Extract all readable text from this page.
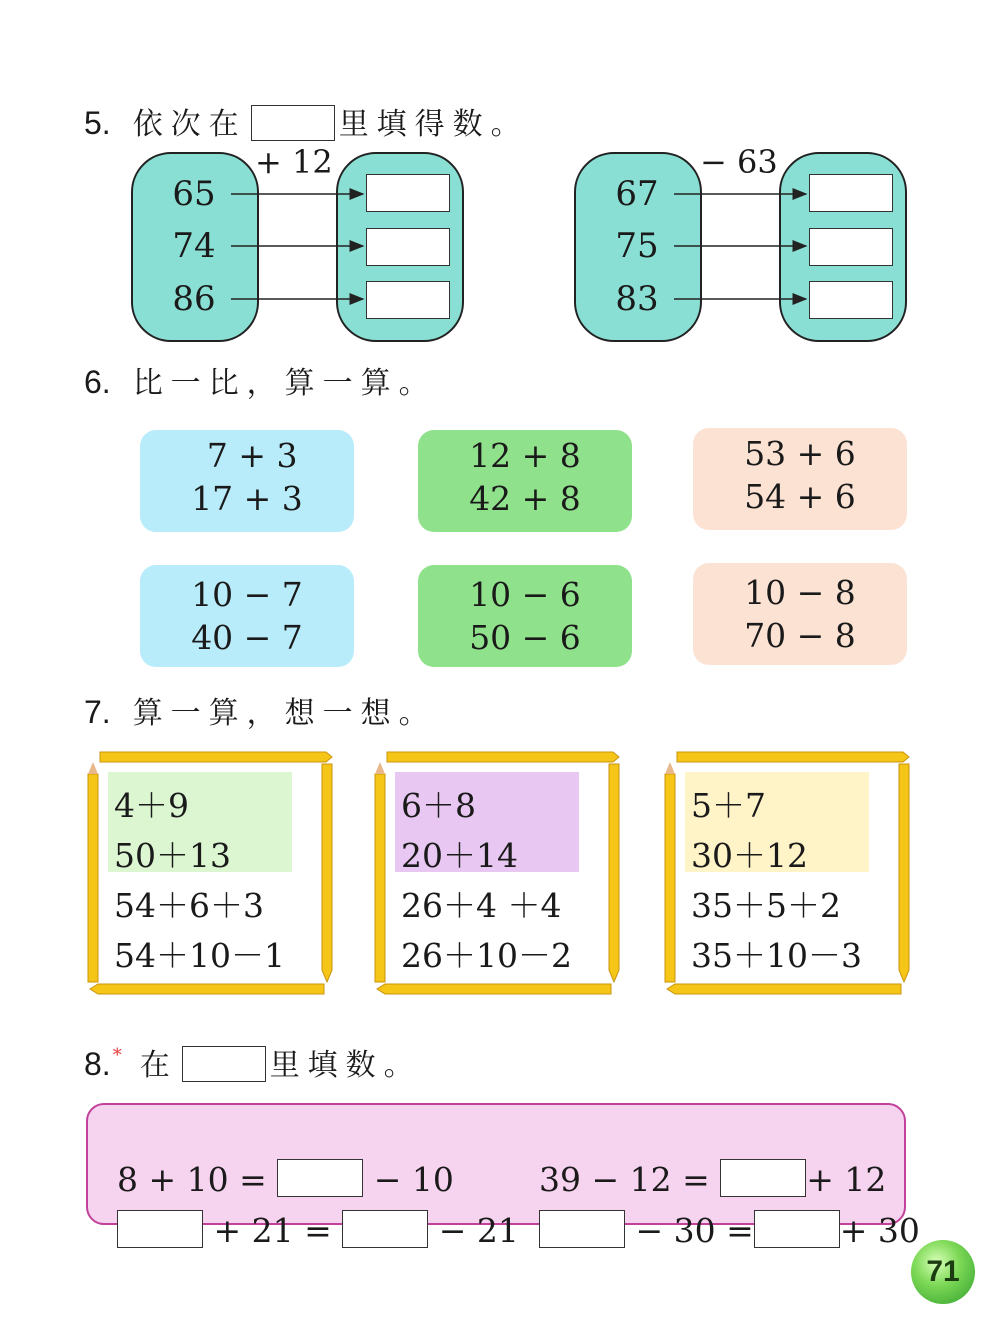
5. 依次在	里填得数。
+ 12
65
74
86
− 63
67
75
83
6. 比一比，算一算。
7 + 3
17 + 3
12 + 8
42 + 8
53 + 6
54 + 6
10 − 7
40 − 7
10 − 6
50 − 6
10 − 8
70 − 8
7. 算一算，想一想。
4＋9
50＋13
54＋6＋3
54＋10－1
6＋8
20＋14
26＋4 ＋4
26＋10－2
5＋7
30＋12
35＋5＋2
35＋10－3
8. * 在	里填数。

8 + 10 =	− 10	39 − 12 =	+ 12

+ 21 =	− 21	− 30 =	+ 30

71
